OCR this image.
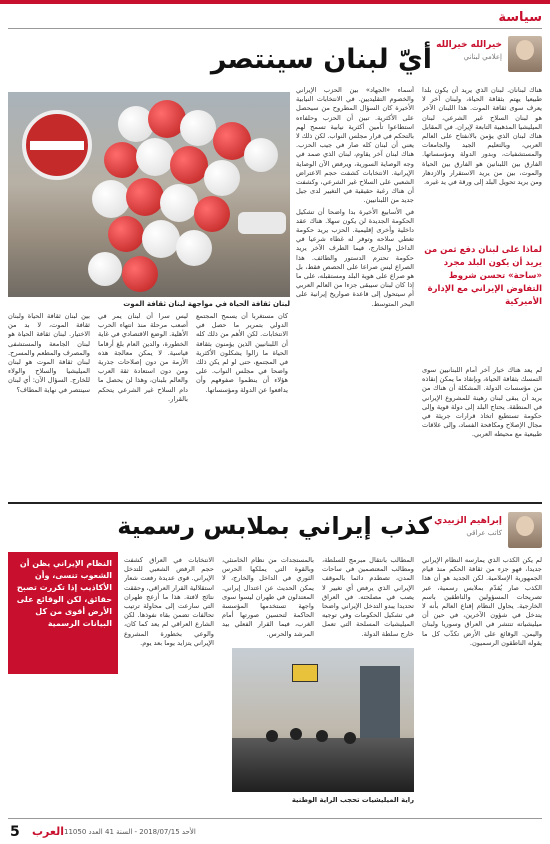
سياسة
خيرالله خيرالله
إعلامي لبناني
أيّ لبنان سينتصر

هناك لبنانان. لبنان الذي يريد أن يكون بلدا طبيعيا يهتم بثقافة الحياة، ولبنان آخر لا يعرف سوى ثقافة الموت. هذا اللبنان الآخر هو لبنان السلاح غير الشرعي، لبنان الميليشيا المذهبية التابعة لإيران. في المقابل هناك لبنان الذي يؤمن بالانفتاح على العالم العربي، وبالتعليم الجيد والجامعات والمستشفيات، وبدور الدولة ومؤسساتها. الفارق بين اللبنانين هو الفارق بين الحياة والموت، بين من يريد الاستقرار والازدهار ومن يريد تحويل البلد إلى ورقة في يد غيره.

لماذا على لبنان دفع ثمن من يريد أن يكون البلد مجرد «ساحة» تحسن شروط التفاوض الإيراني مع الإدارة الأميركية

لم يعد هناك خيار آخر أمام اللبنانيين سوى التمسك بثقافة الحياة، وبإنقاذ ما يمكن إنقاذه من مؤسسات الدولة. المشكلة أن هناك من يريد أن يبقى لبنان رهينة للمشروع الإيراني في المنطقة. يحتاج البلد إلى دولة قوية وإلى حكومة تستطيع اتخاذ قرارات جريئة في مجال الإصلاح ومكافحة الفساد، وإلى علاقات طبيعية مع محيطه العربي.

أسماء «الجهاد» بين الحزب الإيراني والخصوم التقليديين. في الانتخابات النيابية الأخيرة كان السؤال المطروح من سيحصل على الأكثرية. تبين أن الحزب وحلفاءه استطاعوا تأمين أكثرية نيابية تسمح لهم بالتحكم في قرار مجلس النواب. لكن ذلك لا يعني أن لبنان كله صار في جيب الحزب. هناك لبنان آخر يقاوم، لبنان الذي صمد في وجه الوصاية السورية، ويرفض الآن الوصاية الإيرانية. الانتخابات كشفت حجم الاعتراض الشعبي على السلاح غير الشرعي، وكشفت أن هناك رغبة حقيقية في التغيير لدى جيل جديد من اللبنانيين.

في الأسابيع الأخيرة بدا واضحا أن تشكيل الحكومة الجديدة لن يكون سهلا. هناك عقد داخلية وأخرى إقليمية. الحزب يريد حكومة تغطي سلاحه وتوفر له غطاء شرعيا في الداخل والخارج، فيما الطرف الآخر يريد حكومة تحترم الدستور والطائف. هذا الصراع ليس صراعا على الحصص فقط، بل هو صراع على هوية البلد ومستقبله، على ما إذا كان لبنان سيبقى جزءا من العالم العربي أم سيتحول إلى قاعدة صواريخ إيرانية على البحر المتوسط.

لبنان ثقافة الحياة في مواجهة لبنان ثقافة الموت

كان مستغربا أن يسمح المجتمع الدولي بتمرير ما حصل في الانتخابات. لكن الأهم من ذلك كله أن اللبنانيين الذين يؤمنون بثقافة الحياة ما زالوا يشكلون الأكثرية في المجتمع، حتى لو لم يكن ذلك واضحا في مجلس النواب. على هؤلاء أن ينظموا صفوفهم وأن يدافعوا عن الدولة ومؤسساتها.

ليس سرا أن لبنان يمر في أصعب مرحلة منذ انتهاء الحرب الأهلية. الوضع الاقتصادي في غاية الخطورة، والدين العام بلغ أرقاما قياسية. لا يمكن معالجة هذه الأزمة من دون إصلاحات جذرية ومن دون استعادة ثقة العرب والعالم بلبنان، وهذا لن يحصل ما دام السلاح غير الشرعي يتحكم بالقرار.

بين لبنان ثقافة الحياة ولبنان ثقافة الموت، لا بد من الاختيار. لبنان ثقافة الحياة هو لبنان الجامعة والمستشفى والمصرف والمطعم والمسرح. لبنان ثقافة الموت هو لبنان الميليشيا والسلاح والولاء للخارج. السؤال الآن: أي لبنان سينتصر في نهاية المطاف؟

إبراهيم الزبيدي
كاتب عراقي
كذب إيراني بملابس رسمية

لم يكن الكذب الذي يمارسه النظام الإيراني جديدا، فهو جزء من ثقافة الحكم منذ قيام الجمهورية الإسلامية. لكن الجديد هو أن هذا الكذب صار يُقدّم بملابس رسمية، عبر تصريحات المسؤولين والناطقين باسم الخارجية. يحاول النظام إقناع العالم بأنه لا يتدخل في شؤون الآخرين، في حين أن ميليشياته تنتشر في العراق وسوريا ولبنان واليمن. الوقائع على الأرض تكذّب كل ما يقوله الناطقون الرسميون.

المطالب بانتقال مبرمج للسلطة، ومطالب المعتصمين في ساحات المدن، تصطدم دائما بالموقف الإيراني الذي يرفض أي تغيير لا يصب في مصلحته. في العراق تحديدا يبدو التدخل الإيراني واضحا في تشكيل الحكومات وفي توجيه الميليشيات المسلحة التي تعمل خارج سلطة الدولة.

بالمستجدات من نظام الخامنئي، وبالقوة التي يملكها الحرس الثوري في الداخل والخارج، لا يمكن الحديث عن اعتدال إيراني. المعتدلون في طهران ليسوا سوى واجهة تستخدمها المؤسسة الحاكمة لتحسين صورتها أمام الغرب، فيما القرار الفعلي بيد المرشد والحرس.

الانتخابات في العراق كشفت حجم الرفض الشعبي للتدخل الإيراني. قوى عديدة رفعت شعار استقلالية القرار العراقي، وحققت نتائج لافتة. هذا ما أزعج طهران التي سارعت إلى محاولة ترتيب تحالفات تضمن بقاء نفوذها. لكن الشارع العراقي لم يعد كما كان، والوعي بخطورة المشروع الإيراني يتزايد يوما بعد يوم.

النظام الإيراني يظن أن الشعوب تنسى، وأن الأكاذيب إذا تكررت تصبح حقائق، لكن الوقائع على الأرض أقوى من كل البيانات الرسمية
راية الميليشيات تحجب الراية الوطنية
5 العرب الأحد 2018/07/15 - السنة 41 العدد 11050
